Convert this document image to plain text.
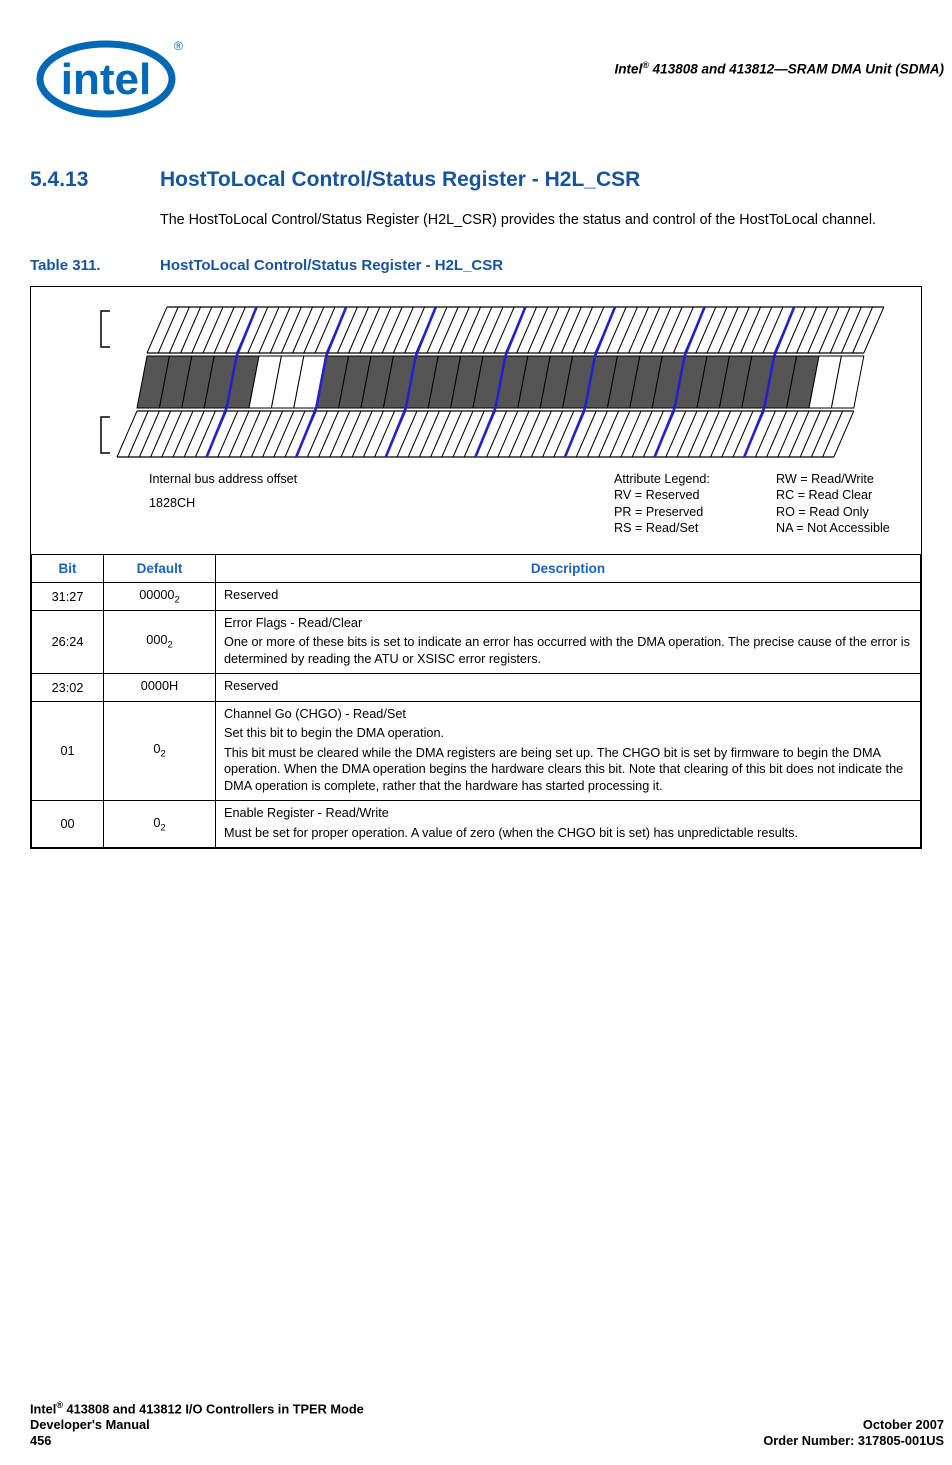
intel
®
Intel® 413808 and 413812—SRAM DMA Unit (SDMA)
5.4.13	HostToLocal Control/Status Register - H2L_CSR

The HostToLocal Control/Status Register (H2L_CSR) provides the status and control of the HostToLocal channel.

Table 311.	HostToLocal Control/Status Register - H2L_CSR
Internal bus address offset
1828CH
Attribute Legend:
RV = Reserved
PR = Preserved
RS = Read/Set
RW = Read/Write
RC = Read Clear
RO = Read Only
NA = Not Accessible
Bit	Default	Description
31:27	$00000_2$	Reserved

26:24	$000_2$	Error Flags - Read/Clear

One or more of these bits is set to indicate an error has occurred with the DMA operation. The precise cause of the error is determined by reading the ATU or XSISC error registers.

23:02	0000H	Reserved

01	$0_2$	Channel Go (CHGO) - Read/Set

Set this bit to begin the DMA operation.

This bit must be cleared while the DMA registers are being set up. The CHGO bit is set by firmware to begin the DMA operation. When the DMA operation begins the hardware clears this bit. Note that clearing of this bit does not indicate the DMA operation is complete, rather that the hardware has started processing it.

00	$0_2$	Enable Register - Read/Write

Must be set for proper operation. A value of zero (when the CHGO bit is set) has unpredictable results.

Intel® 413808 and 413812 I/O Controllers in TPER Mode
Developer's Manual
456
October 2007
Order Number: 317805-001US
